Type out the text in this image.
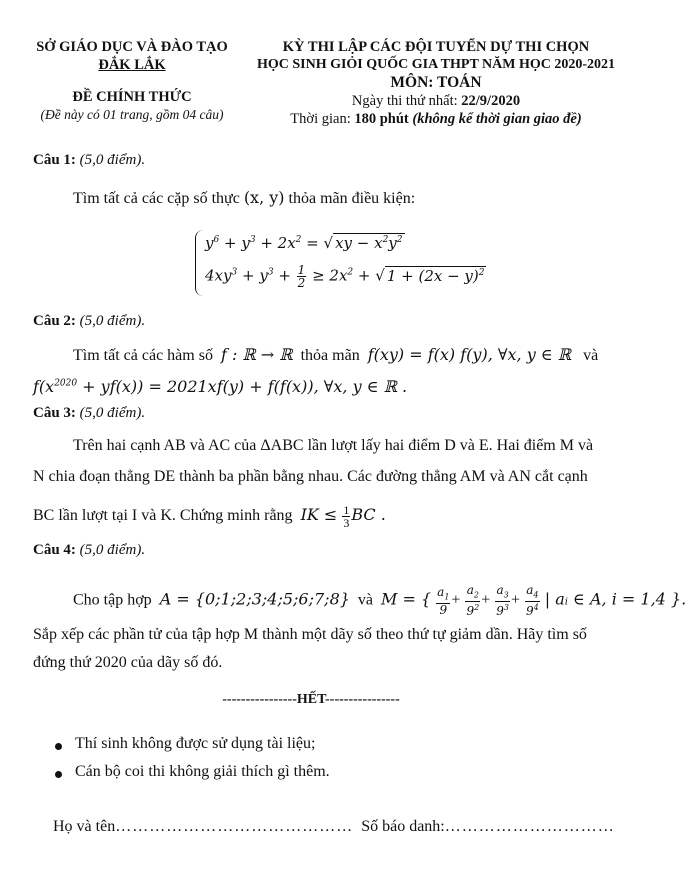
SỞ GIÁO DỤC VÀ ĐÀO TẠO
ĐẮK LẮK
ĐỀ CHÍNH THỨC
(Đề này có 01 trang, gồm 04 câu)
KỲ THI LẬP CÁC ĐỘI TUYỂN DỰ THI CHỌN
HỌC SINH GIỎI QUỐC GIA THPT NĂM HỌC 2020-2021
MÔN: TOÁN
Ngày thi thứ nhất: 22/9/2020
Thời gian: 180 phút (không kể thời gian giao đề)
Câu 1: (5,0 điểm).
Tìm tất cả các cặp số thực (x, y) thỏa mãn điều kiện:
$y^6 + y^3 + 2x^2$ = √ xy − $x^2y^2$
$4xy^3 + y^3 + \frac{1}{2} \ge 2x^2$ + √ $1 + (2x - y)^2$
Câu 2: (5,0 điểm).
Tìm tất cả các hàm số f : ℝ → ℝ thỏa mãn f(xy) = f(x) f(y), ∀x, y ∈ ℝ và
$f(x^{2020} + yf(x)) = 2021xf(y) + f(f(x))$, ∀x, y ∈ ℝ .
Câu 3: (5,0 điểm).
Trên hai cạnh AB và AC của ΔABC lần lượt lấy hai điểm D và E. Hai điểm M và
N chia đoạn thẳng DE thành ba phần bằng nhau. Các đường thẳng AM và AN cắt cạnh
BC lần lượt tại I và K. Chứng minh rằng IK ≤ $\frac{1}{3}$ BC .
Câu 4: (5,0 điểm).
Cho tập hợp A = {0;1;2;3;4;5;6;7;8} và M = { $\frac{a_1}{9} + \frac{a_2}{9^2} + \frac{a_3}{9^3} + \frac{a_4}{9^4}$ | aᵢ ∈ A, i = 1,4 }.
Sắp xếp các phần tử của tập hợp M thành một dãy số theo thứ tự giảm dần. Hãy tìm số
đứng thứ 2020 của dãy số đó.
----------------HẾT----------------
Thí sinh không được sử dụng tài liệu;
Cán bộ coi thi không giải thích gì thêm.
Họ và tên…………………………………… Số báo danh:…………………………
